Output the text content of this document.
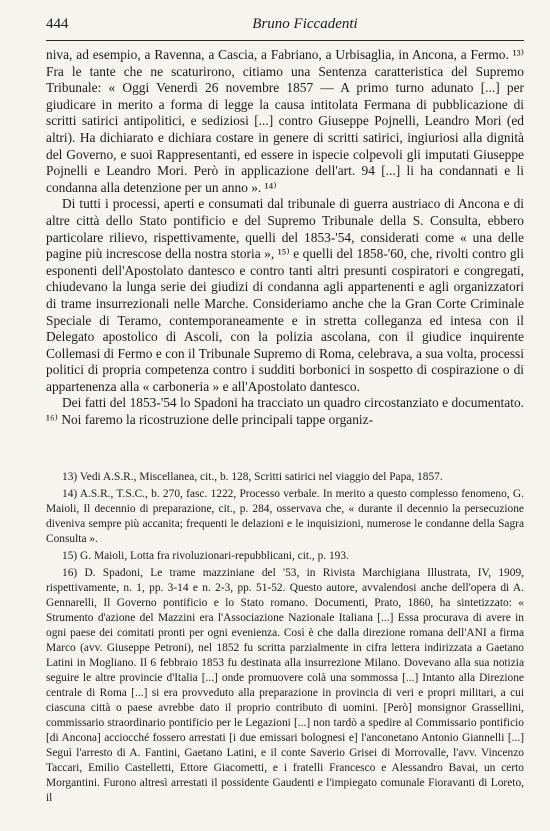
444	Bruno Ficcadenti

niva, ad esempio, a Ravenna, a Cascia, a Fabriano, a Urbisaglia, in Ancona, a Fermo. ¹³⁾ Fra le tante che ne scaturirono, citiamo una Sentenza caratteristica del Supremo Tribunale: « Oggi Venerdì 26 novembre 1857 — A primo turno adunato [...] per giudicare in merito a forma di legge la causa intitolata Fermana di pubblicazione di scritti satirici antipolitici, e sediziosi [...] contro Giuseppe Pojnelli, Leandro Mori (ed altri). Ha dichiarato e dichiara costare in genere di scritti satirici, ingiuriosi alla dignità del Governo, e suoi Rappresentanti, ed essere in ispecie colpevoli gli imputati Giuseppe Pojnelli e Leandro Mori. Però in applicazione dell'art. 94 [...] li ha condannati e li condanna alla detenzione per un anno ». ¹⁴⁾

Di tutti i processi, aperti e consumati dal tribunale di guerra austriaco di Ancona e di altre città dello Stato pontificio e del Supremo Tribunale della S. Consulta, ebbero particolare rilievo, rispettivamente, quelli del 1853-'54, considerati come « una delle pagine più increscose della nostra storia », ¹⁵⁾ e quelli del 1858-'60, che, rivolti contro gli esponenti dell'Apostolato dantesco e contro tanti altri presunti cospiratori e congregati, chiudevano la lunga serie dei giudizi di condanna agli appartenenti e agli organizzatori di trame insurrezionali nelle Marche. Consideriamo anche che la Gran Corte Criminale Speciale di Teramo, contemporaneamente e in stretta colleganza ed intesa con il Delegato apostolico di Ascoli, con la polizia ascolana, con il giudice inquirente Collemasi di Fermo e con il Tribunale Supremo di Roma, celebrava, a sua volta, processi politici di propria competenza contro i sudditi borbonici in sospetto di cospirazione o di appartenenza alla « carboneria » e all'Apostolato dantesco.

Dei fatti del 1853-'54 lo Spadoni ha tracciato un quadro circostanziato e documentato. ¹⁶⁾ Noi faremo la ricostruzione delle principali tappe organiz-

13) Vedi A.S.R., Miscellanea, cit., b. 128, Scritti satirici nel viaggio del Papa, 1857.

14) A.S.R., T.S.C., b. 270, fasc. 1222, Processo verbale. In merito a questo complesso fenomeno, G. Maioli, Il decennio di preparazione, cit., p. 284, osservava che, « durante il decennio la persecuzione diveniva sempre più accanita; frequenti le delazioni e le inquisizioni, numerose le condanne della Sagra Consulta ».

15) G. Maioli, Lotta fra rivoluzionari-repubblicani, cit., p. 193.

16) D. Spadoni, Le trame mazziniane del '53, in Rivista Marchigiana Illustrata, IV, 1909, rispettivamente, n. 1, pp. 3-14 e n. 2-3, pp. 51-52. Questo autore, avvalendosi anche dell'opera di A. Gennarelli, Il Governo pontificio e lo Stato romano. Documenti, Prato, 1860, ha sintetizzato: « Strumento d'azione del Mazzini era l'Associazione Nazionale Italiana [...] Essa procurava di avere in ogni paese dei comitati pronti per ogni evenienza. Così è che dalla direzione romana dell'ANI a firma Marco (avv. Giuseppe Petroni), nel 1852 fu scritta parzialmente in cifra lettera indirizzata a Gaetano Latini in Mogliano. Il 6 febbraio 1853 fu destinata alla insurrezione Milano. Dovevano alla sua notizia seguire le altre provincie d'Italia [...] onde promuovere colà una sommossa [...] Intanto alla Direzione centrale di Roma [...] si era provveduto alla preparazione in provincia di veri e propri militari, a cui ciascuna città o paese avrebbe dato il proprio contributo di uomini. [Però] monsignor Grassellini, commissario straordinario pontificio per le Legazioni [...] non tardò a spedire al Commissario pontificio [di Ancona] acciocché fossero arrestati [i due emissari bolognesi e] l'anconetano Antonio Giannelli [...] Seguì l'arresto di A. Fantini, Gaetano Latini, e il conte Saverio Grisei di Morrovalle, l'avv. Vincenzo Taccari, Emilio Castelletti, Ettore Giacometti, e i fratelli Francesco e Alessandro Bavai, un certo Morgantini. Furono altresì arrestati il possidente Gaudenti e l'impiegato comunale Fioravanti di Loreto, il
